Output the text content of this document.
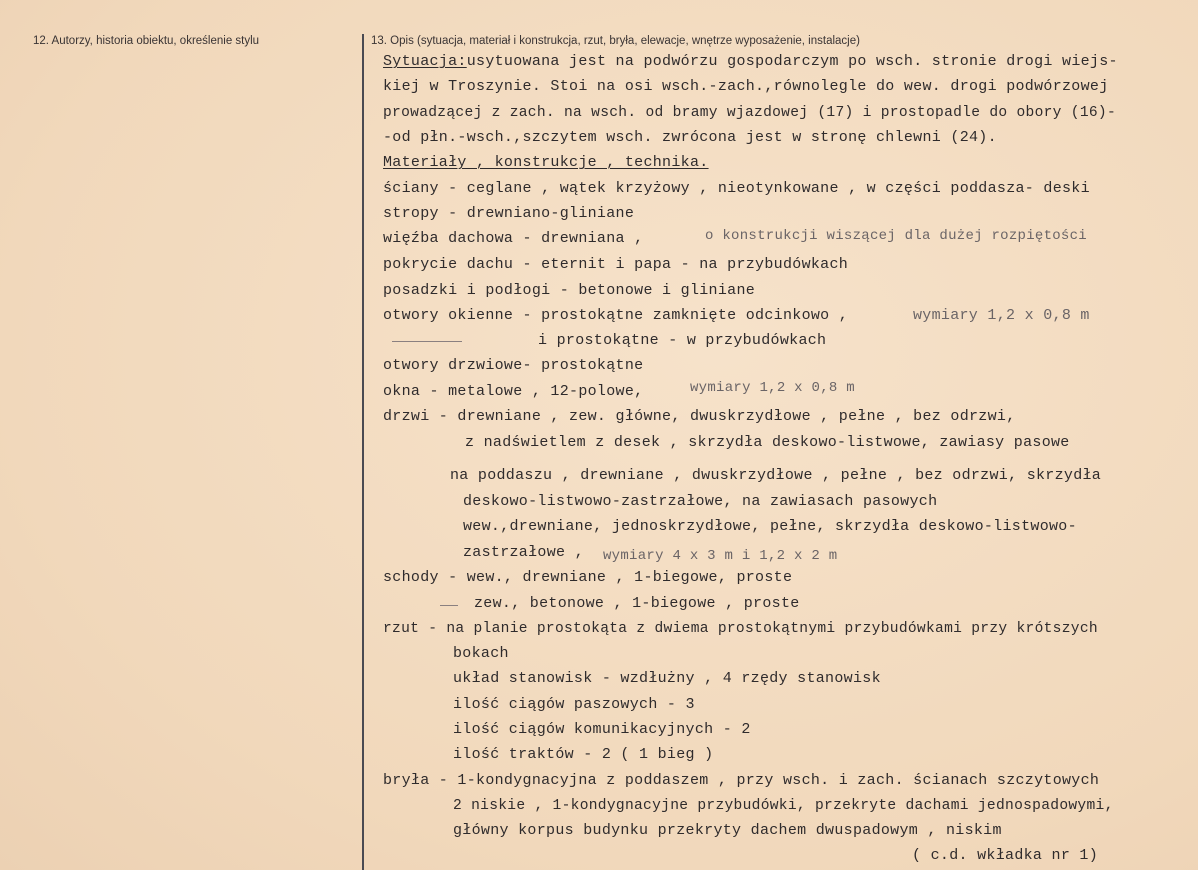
12. Autorzy, historia obiektu, określenie stylu	13. Opis (sytuacja, materiał i konstrukcja, rzut, bryła, elewacje, wnętrze wyposażenie, instalacje)
Sytuacja:usytuowana jest na podwórzu gospodarczym po wsch. stronie drogi wiejs-
kiej w Troszynie. Stoi na osi wsch.-zach.,równolegle do wew. drogi podwórzowej
prowadzącej z zach. na wsch. od bramy wjazdowej (17) i prostopadle do obory (16)-
-od płn.-wsch.,szczytem wsch. zwrócona jest w stronę chlewni (24).
Materiały , konstrukcje , technika.
ściany - ceglane , wątek krzyżowy , nieotynkowane , w części poddasza- deski
stropy - drewniano-gliniane
więźba dachowa - drewniana ,	o konstrukcji wiszącej dla dużej rozpiętości
pokrycie dachu - eternit i papa - na przybudówkach
posadzki i podłogi - betonowe i gliniane
otwory okienne - prostokątne zamknięte odcinkowo ,	wymiary 1,2 x 0,8 m
i prostokątne - w przybudówkach
otwory drzwiowe- prostokątne
okna - metalowe , 12-polowe,	wymiary 1,2 x 0,8 m
drzwi - drewniane , zew. główne, dwuskrzydłowe , pełne , bez odrzwi,
z nadświetlem z desek , skrzydła deskowo-listwowe, zawiasy pasowe
na poddaszu , drewniane , dwuskrzydłowe , pełne , bez odrzwi, skrzydła
deskowo-listwowo-zastrzałowe, na zawiasach pasowych
wew.,drewniane, jednoskrzydłowe, pełne, skrzydła deskowo-listwowo-
zastrzałowe , wymiary 4 x 3 m i 1,2 x 2 m
schody - wew., drewniane , 1-biegowe, proste
zew., betonowe , 1-biegowe , proste
rzut - na planie prostokąta z dwiema prostokątnymi przybudówkami przy krótszych
bokach
układ stanowisk - wzdłużny , 4 rzędy stanowisk
ilość ciągów paszowych - 3
ilość ciągów komunikacyjnych - 2
ilość traktów - 2 ( 1 bieg )
bryła - 1-kondygnacyjna z poddaszem , przy wsch. i zach. ścianach szczytowych
2 niskie , 1-kondygnacyjne przybudówki, przekryte dachami jednospadowymi,
główny korpus budynku przekryty dachem dwuspadowym , niskim
( c.d. wkładka nr 1)
